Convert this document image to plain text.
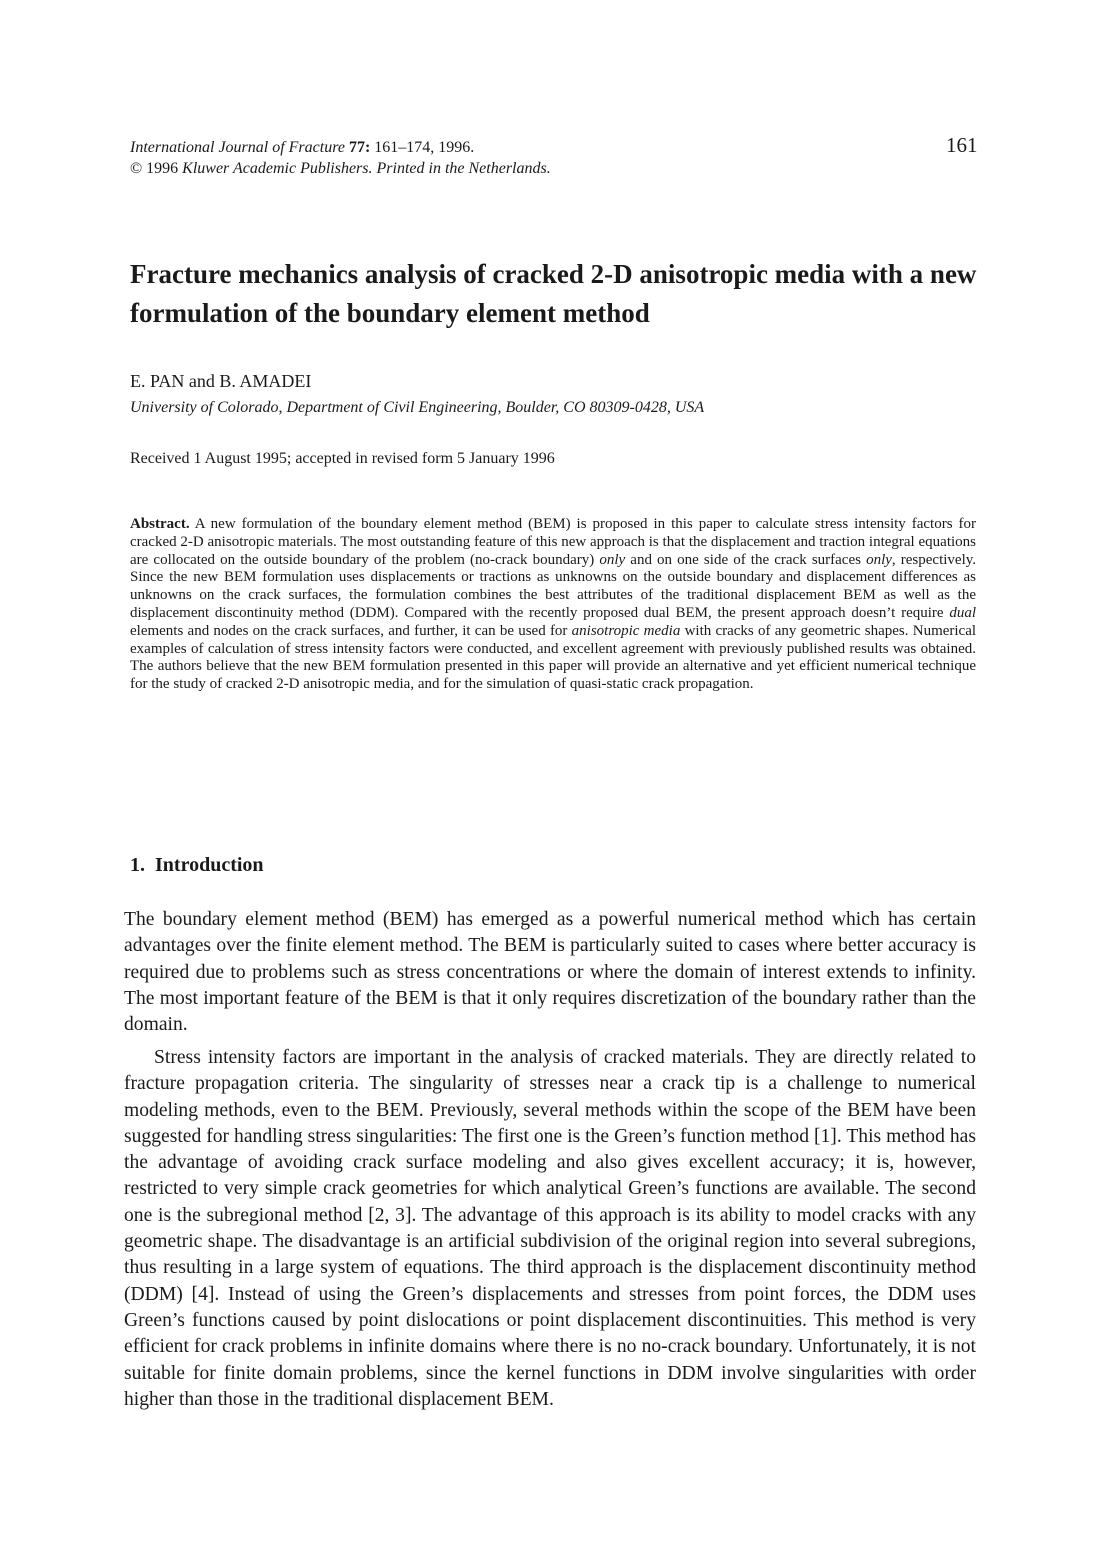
International Journal of Fracture 77: 161–174, 1996.
© 1996 Kluwer Academic Publishers. Printed in the Netherlands.
161
Fracture mechanics analysis of cracked 2-D anisotropic media with a new formulation of the boundary element method
E. PAN and B. AMADEI
University of Colorado, Department of Civil Engineering, Boulder, CO 80309-0428, USA
Received 1 August 1995; accepted in revised form 5 January 1996
Abstract. A new formulation of the boundary element method (BEM) is proposed in this paper to calculate stress intensity factors for cracked 2-D anisotropic materials. The most outstanding feature of this new approach is that the displacement and traction integral equations are collocated on the outside boundary of the problem (no-crack boundary) only and on one side of the crack surfaces only, respectively. Since the new BEM formulation uses displacements or tractions as unknowns on the outside boundary and displacement differences as unknowns on the crack surfaces, the formulation combines the best attributes of the traditional displacement BEM as well as the displacement discontinuity method (DDM). Compared with the recently proposed dual BEM, the present approach doesn’t require dual elements and nodes on the crack surfaces, and further, it can be used for anisotropic media with cracks of any geometric shapes. Numerical examples of calculation of stress intensity factors were conducted, and excellent agreement with previously published results was obtained. The authors believe that the new BEM formulation presented in this paper will provide an alternative and yet efficient numerical technique for the study of cracked 2-D anisotropic media, and for the simulation of quasi-static crack propagation.
1. Introduction
The boundary element method (BEM) has emerged as a powerful numerical method which has certain advantages over the finite element method. The BEM is particularly suited to cases where better accuracy is required due to problems such as stress concentrations or where the domain of interest extends to infinity. The most important feature of the BEM is that it only requires discretization of the boundary rather than the domain.
Stress intensity factors are important in the analysis of cracked materials. They are directly related to fracture propagation criteria. The singularity of stresses near a crack tip is a challenge to numerical modeling methods, even to the BEM. Previously, several methods within the scope of the BEM have been suggested for handling stress singularities: The first one is the Green’s function method [1]. This method has the advantage of avoiding crack surface modeling and also gives excellent accuracy; it is, however, restricted to very simple crack geometries for which analytical Green’s functions are available. The second one is the subregional method [2, 3]. The advantage of this approach is its ability to model cracks with any geometric shape. The disadvantage is an artificial subdivision of the original region into several subregions, thus resulting in a large system of equations. The third approach is the displacement discontinuity method (DDM) [4]. Instead of using the Green’s displacements and stresses from point forces, the DDM uses Green’s functions caused by point dislocations or point displacement discontinuities. This method is very efficient for crack problems in infinite domains where there is no no-crack boundary. Unfortunately, it is not suitable for finite domain problems, since the kernel functions in DDM involve singularities with order higher than those in the traditional displacement BEM.
